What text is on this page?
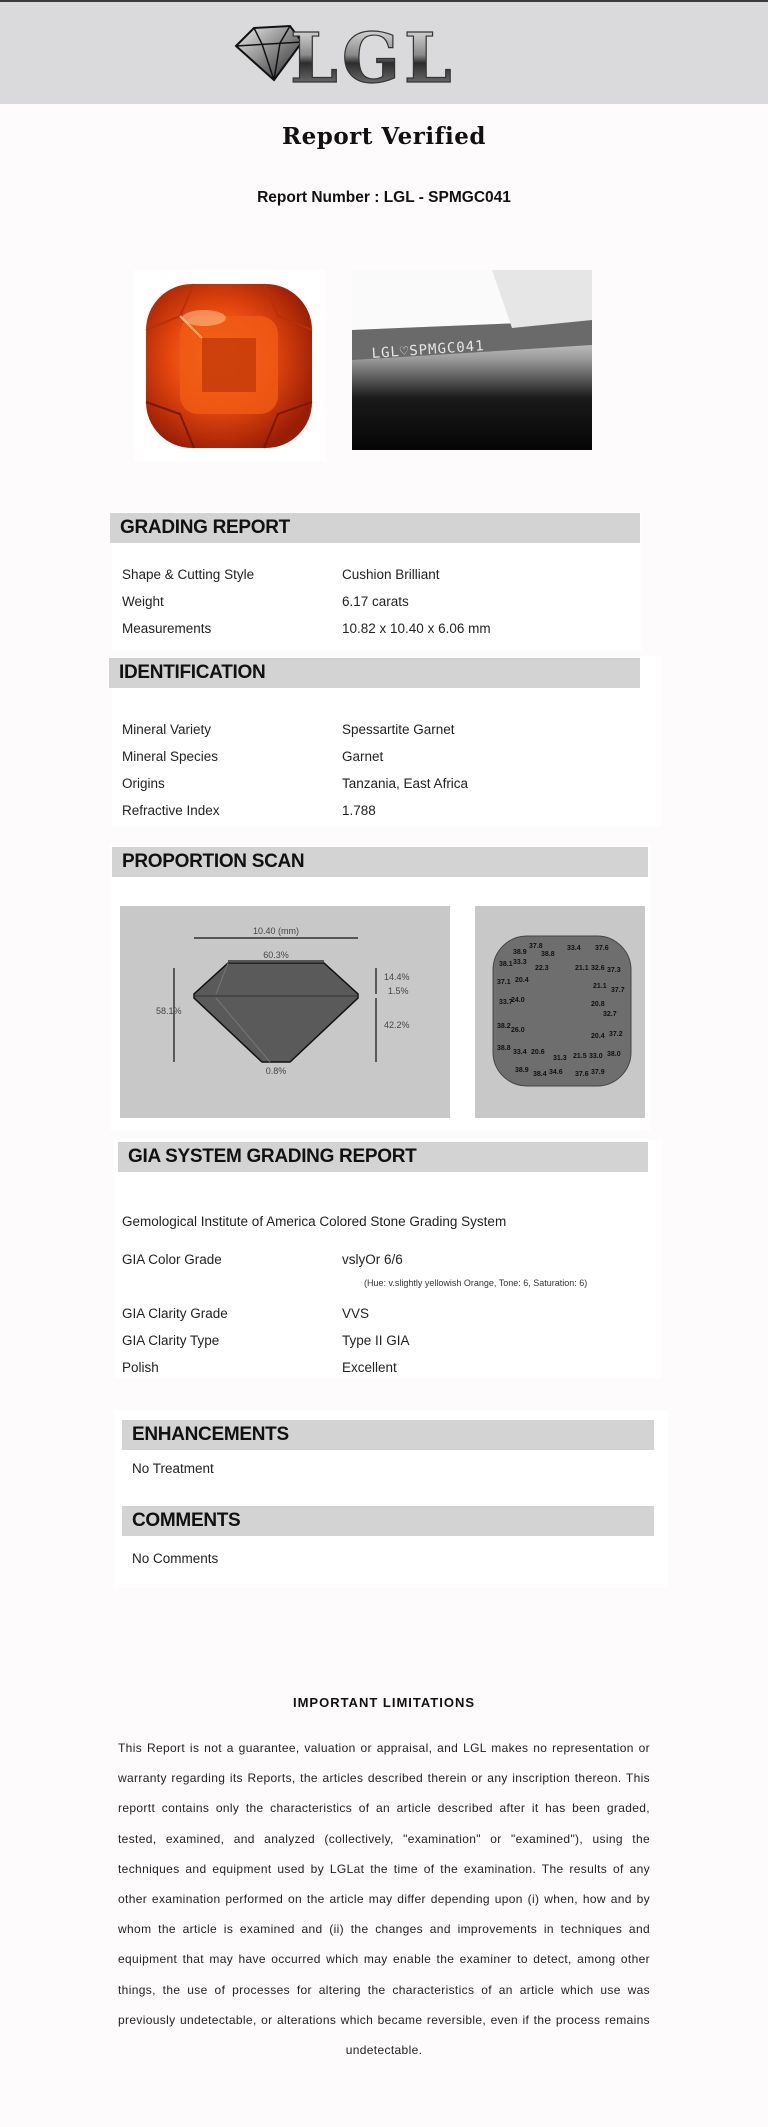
LGL
Report Verified
Report Number : LGL - SPMGC041
LGL♡SPMGC041
GRADING REPORT
Shape & Cutting Style	Cushion Brilliant
Weight	6.17 carats
Measurements	10.82 x 10.40 x 6.06 mm
IDENTIFICATION
Mineral Variety	Spessartite Garnet
Mineral Species	Garnet
Origins	Tanzania, East Africa
Refractive Index	1.788
PROPORTION SCAN
10.40 (mm)
60.3%
58.1%
14.4%
1.5%
42.2%
0.8%
38.9
37.8
38.8
33.4 37.6
38.1 33.3
22.3	21.1 32.6 37.3
37.1 20.4
21.1
37.7
33.7
24.0
20.8
32.7
38.2
26.0
20.4 37.2
38.8
33.4 20.6
31.3 21.5 33.0 38.0
38.9
38.4 34.6 37.6 37.9
GIA SYSTEM GRADING REPORT
Gemological Institute of America Colored Stone Grading System
GIA Color Grade	vslyOr 6/6
(Hue: v.slightly yellowish Orange, Tone: 6, Saturation: 6)
GIA Clarity Grade	VVS
GIA Clarity Type	Type II GIA
Polish	Excellent
ENHANCEMENTS
No Treatment
COMMENTS
No Comments
IMPORTANT LIMITATIONS
This Report is not a guarantee, valuation or appraisal, and LGL makes no representation or warranty regarding its Reports, the articles described therein or any inscription thereon. This reportt contains only the characteristics of an article described after it has been graded, tested, examined, and analyzed (collectively, "examination" or "examined"), using the techniques and equipment used by LGLat the time of the examination. The results of any other examination performed on the article may differ depending upon (i) when, how and by whom the article is examined and (ii) the changes and improvements in techniques and equipment that may have occurred which may enable the examiner to detect, among other things, the use of processes for altering the characteristics of an article which use was previously undetectable, or alterations which became reversible, even if the process remains undetectable.
